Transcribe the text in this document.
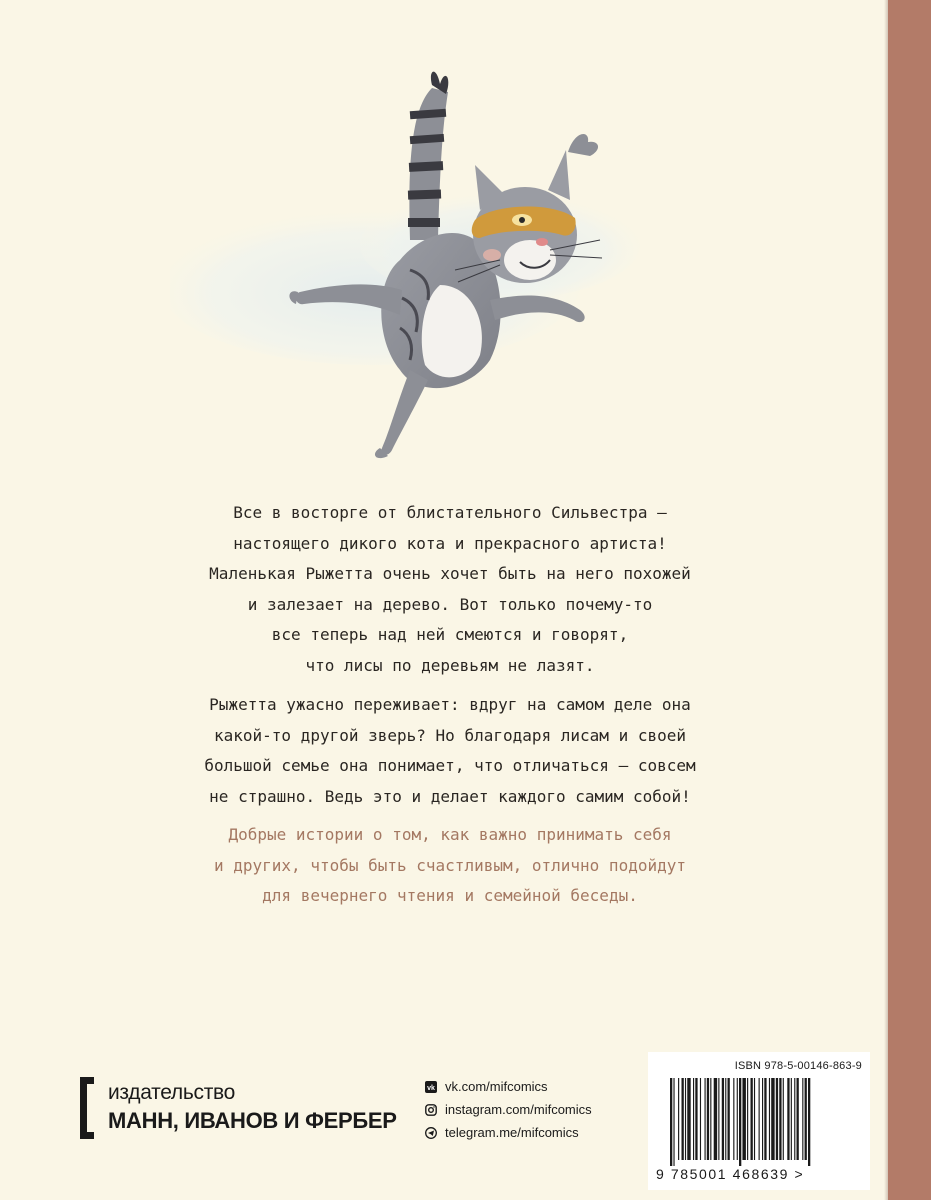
Все в восторге от блистательного Сильвестра —
настоящего дикого кота и прекрасного артиста!
Маленькая Рыжетта очень хочет быть на него похожей
и залезает на дерево. Вот только почему-то
все теперь над ней смеются и говорят,
что лисы по деревьям не лазят.
Рыжетта ужасно переживает: вдруг на самом деле она
какой-то другой зверь? Но благодаря лисам и своей
большой семье она понимает, что отличаться — совсем
не страшно. Ведь это и делает каждого самим собой!
Добрые истории о том, как важно принимать себя
и других, чтобы быть счастливым, отлично подойдут
для вечернего чтения и семейной беседы.
издательство
МАНН, ИВАНОВ И ФЕРБЕР
vk vk.com/mifcomics
instagram.com/mifcomics
telegram.me/mifcomics
ISBN 978-5-00146-863-9
9 785001 468639 >
